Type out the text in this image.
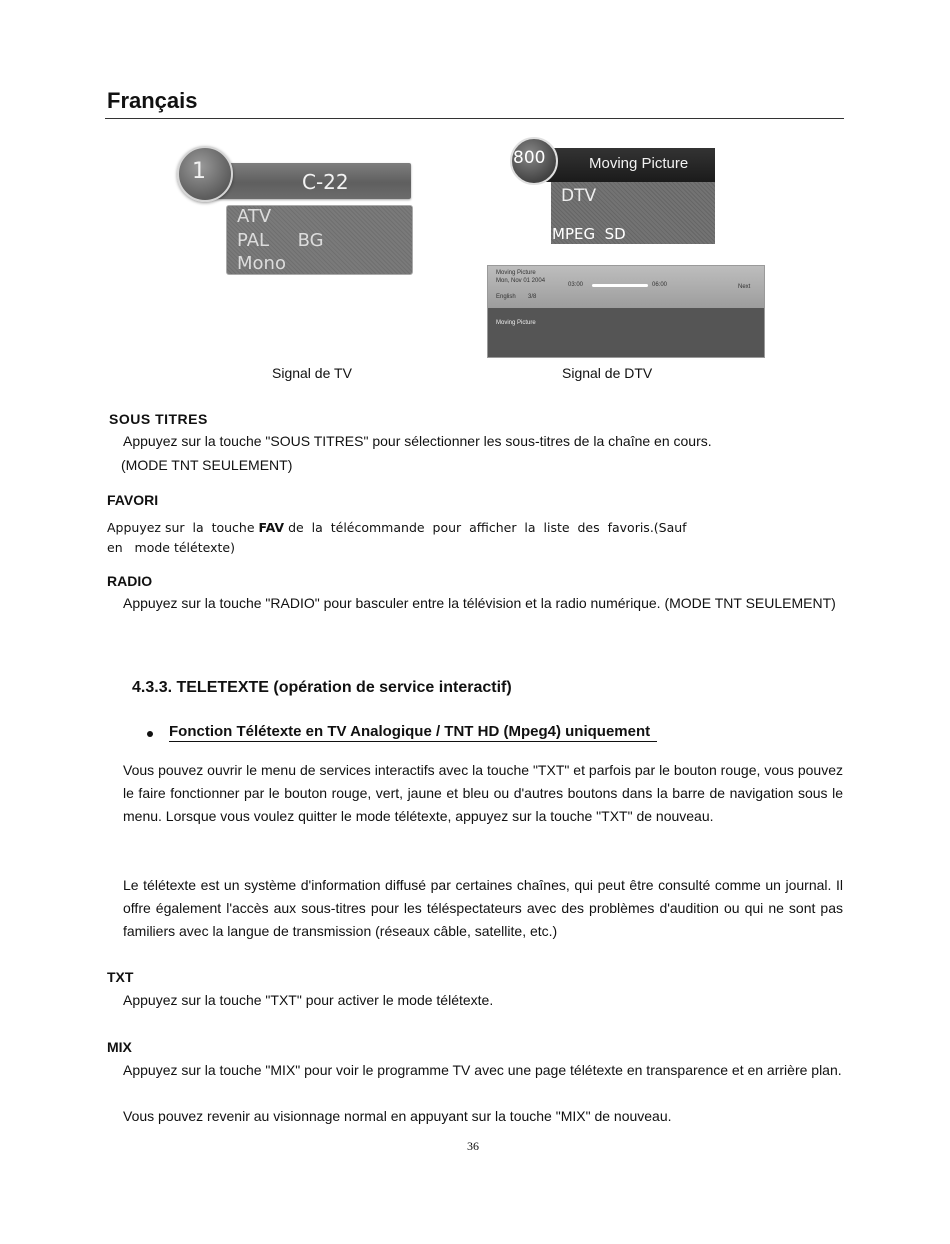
Français
1	C-22
ATV
PAL     BG
Mono
Signal de TV
800	Moving Picture
DTV
MPEG  SD
Moving Picture
Mon, Nov 01 2004
03:00	06:00	Next
English 3/8
Moving Picture
Signal de DTV
SOUS TITRES
Appuyez sur la touche "SOUS TITRES" pour sélectionner les sous-titres de la chaîne en cours.
(MODE TNT SEULEMENT)
FAVORI
Appuyez sur  la  touche FAV de  la  télécommande  pour  afficher  la  liste  des  favoris.(Sauf
en   mode télétexte)
RADIO
Appuyez sur la touche "RADIO" pour basculer entre la télévision et la radio numérique. (MODE TNT SEULEMENT)
4.3.3. TELETEXTE (opération de service interactif)
Fonction Télétexte en TV Analogique / TNT HD (Mpeg4) uniquement
Vous pouvez ouvrir le menu de services interactifs avec la touche "TXT" et parfois par le bouton rouge, vous pouvez le faire fonctionner par le bouton rouge, vert, jaune et bleu ou d'autres boutons dans la barre de navigation sous le menu. Lorsque vous voulez quitter le mode télétexte, appuyez sur la touche "TXT" de nouveau.
Le télétexte est un système d'information diffusé par certaines chaînes, qui peut être consulté comme un journal. Il offre également l'accès aux sous-titres pour les téléspectateurs avec des problèmes d'audition ou qui ne sont pas familiers avec la langue de transmission (réseaux câble, satellite, etc.)
TXT
Appuyez sur la touche "TXT" pour activer le mode télétexte.
MIX
Appuyez sur la touche "MIX" pour voir le programme TV avec une page télétexte en transparence et en arrière plan.
Vous pouvez revenir au visionnage normal en appuyant sur la touche "MIX" de nouveau.
36
